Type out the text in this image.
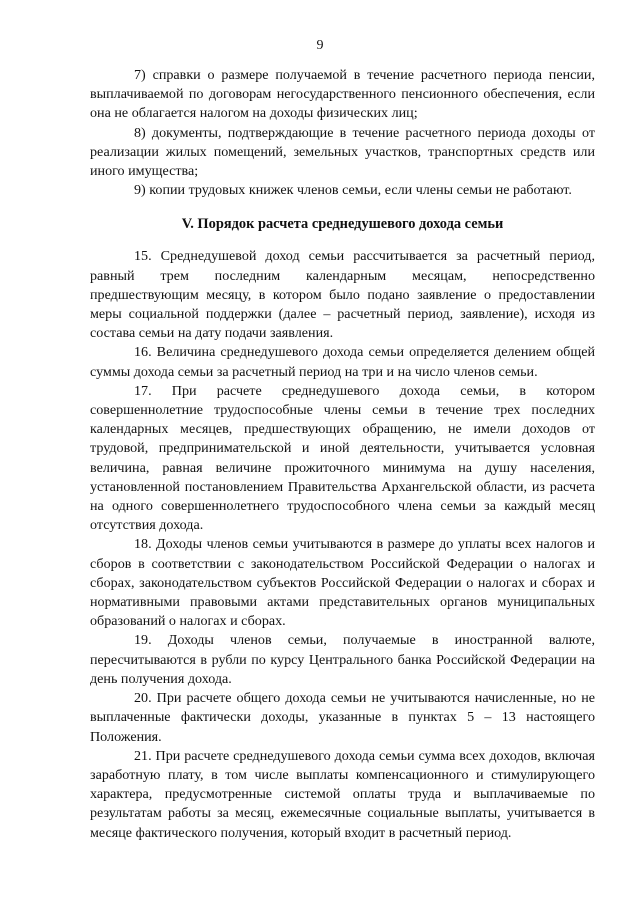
9

7) справки о размере получаемой в течение расчетного периода пенсии, выплачиваемой по договорам негосударственного пенсионного обеспечения, если она не облагается налогом на доходы физических лиц;

8) документы, подтверждающие в течение расчетного периода доходы от реализации жилых помещений, земельных участков, транспортных средств или иного имущества;

9) копии трудовых книжек членов семьи, если члены семьи не работают.

V. Порядок расчета среднедушевого дохода семьи

15. Среднедушевой доход семьи рассчитывается за расчетный период, равный трем последним календарным месяцам, непосредственно предшествующим месяцу, в котором было подано заявление о предоставлении меры социальной поддержки (далее – расчетный период, заявление), исходя из состава семьи на дату подачи заявления.

16. Величина среднедушевого дохода семьи определяется делением общей суммы дохода семьи за расчетный период на три и на число членов семьи.

17. При расчете среднедушевого дохода семьи, в котором совершеннолетние трудоспособные члены семьи в течение трех последних календарных месяцев, предшествующих обращению, не имели доходов от трудовой, предпринимательской и иной деятельности, учитывается условная величина, равная величине прожиточного минимума на душу населения, установленной постановлением Правительства Архангельской области, из расчета на одного совершеннолетнего трудоспособного члена семьи за каждый месяц отсутствия дохода.

18. Доходы членов семьи учитываются в размере до уплаты всех налогов и сборов в соответствии с законодательством Российской Федерации о налогах и сборах, законодательством субъектов Российской Федерации о налогах и сборах и нормативными правовыми актами представительных органов муниципальных образований о налогах и сборах.

19. Доходы членов семьи, получаемые в иностранной валюте, пересчитываются в рубли по курсу Центрального банка Российской Федерации на день получения дохода.

20. При расчете общего дохода семьи не учитываются начисленные, но не выплаченные фактически доходы, указанные в пунктах 5 – 13 настоящего Положения.

21. При расчете среднедушевого дохода семьи сумма всех доходов, включая заработную плату, в том числе выплаты компенсационного и стимулирующего характера, предусмотренные системой оплаты труда и выплачиваемые по результатам работы за месяц, ежемесячные социальные выплаты, учитывается в месяце фактического получения, который входит в расчетный период.
